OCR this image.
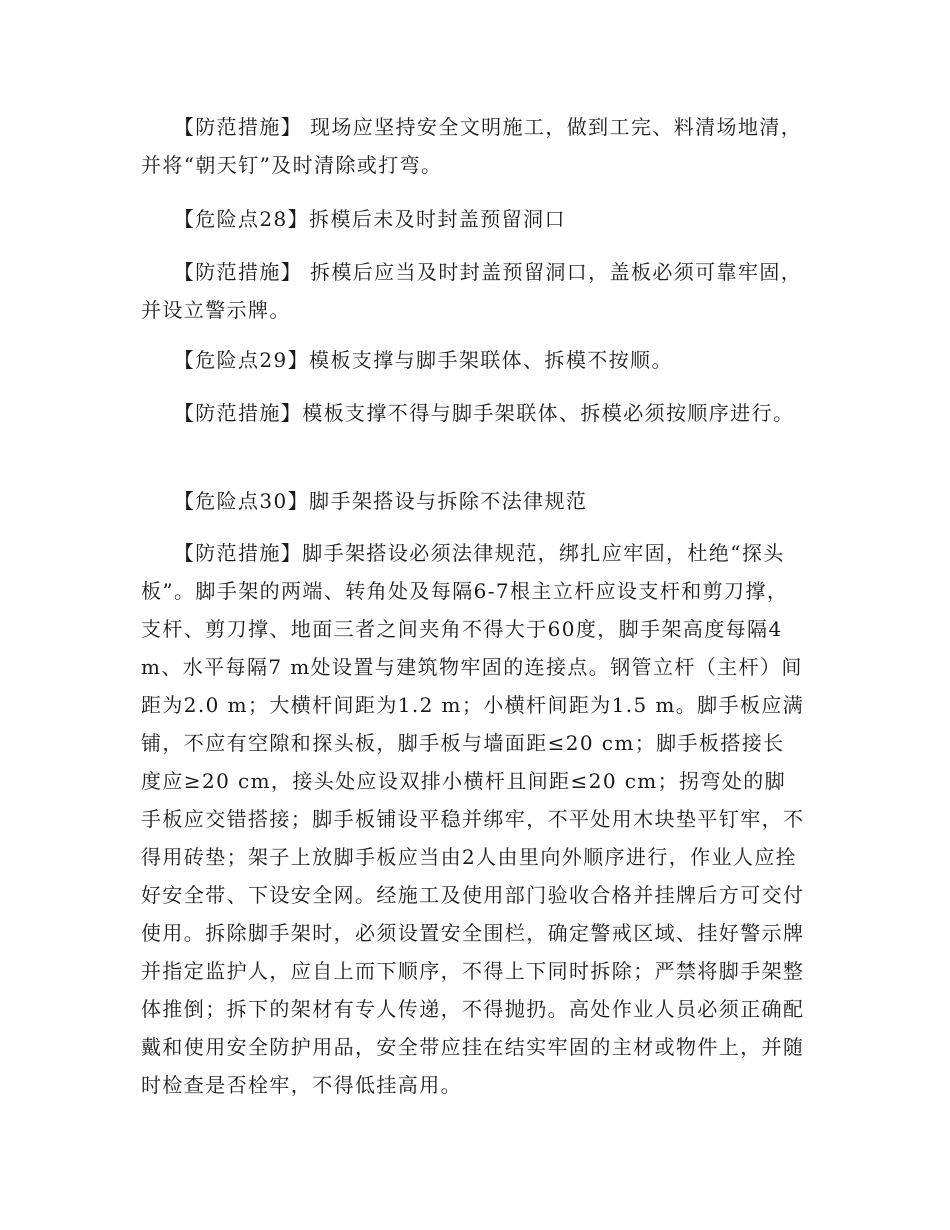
　　【防范措施】 现场应坚持安全文明施工，做到工完、料清场地清，并将“朝天钉”及时清除或打弯。

　　【危险点28】拆模后未及时封盖预留洞口

　　【防范措施】 拆模后应当及时封盖预留洞口，盖板必须可靠牢固，并设立警示牌。

　　【危险点29】模板支撑与脚手架联体、拆模不按顺。

　　【防范措施】模板支撑不得与脚手架联体、拆模必须按顺序进行。

　　【危险点30】脚手架搭设与拆除不法律规范

　　【防范措施】脚手架搭设必须法律规范，绑扎应牢固，杜绝“探头板”。脚手架的两端、转角处及每隔6-7根主立杆应设支杆和剪刀撑，支杆、剪刀撑、地面三者之间夹角不得大于60度，脚手架高度每隔4 m、水平每隔7 m处设置与建筑物牢固的连接点。钢管立杆（主杆）间距为2.0 m；大横杆间距为1.2 m；小横杆间距为1.5 m。脚手板应满铺，不应有空隙和探头板，脚手板与墙面距≤20 cm；脚手板搭接长度应≥20 cm，接头处应设双排小横杆且间距≤20 cm；拐弯处的脚手板应交错搭接；脚手板铺设平稳并绑牢，不平处用木块垫平钉牢，不得用砖垫；架子上放脚手板应当由2人由里向外顺序进行，作业人应拴好安全带、下设安全网。经施工及使用部门验收合格并挂牌后方可交付使用。拆除脚手架时，必须设置安全围栏，确定警戒区域、挂好警示牌并指定监护人，应自上而下顺序，不得上下同时拆除；严禁将脚手架整体推倒；拆下的架材有专人传递，不得抛扔。高处作业人员必须正确配戴和使用安全防护用品，安全带应挂在结实牢固的主材或物件上，并随时检查是否栓牢，不得低挂高用。
